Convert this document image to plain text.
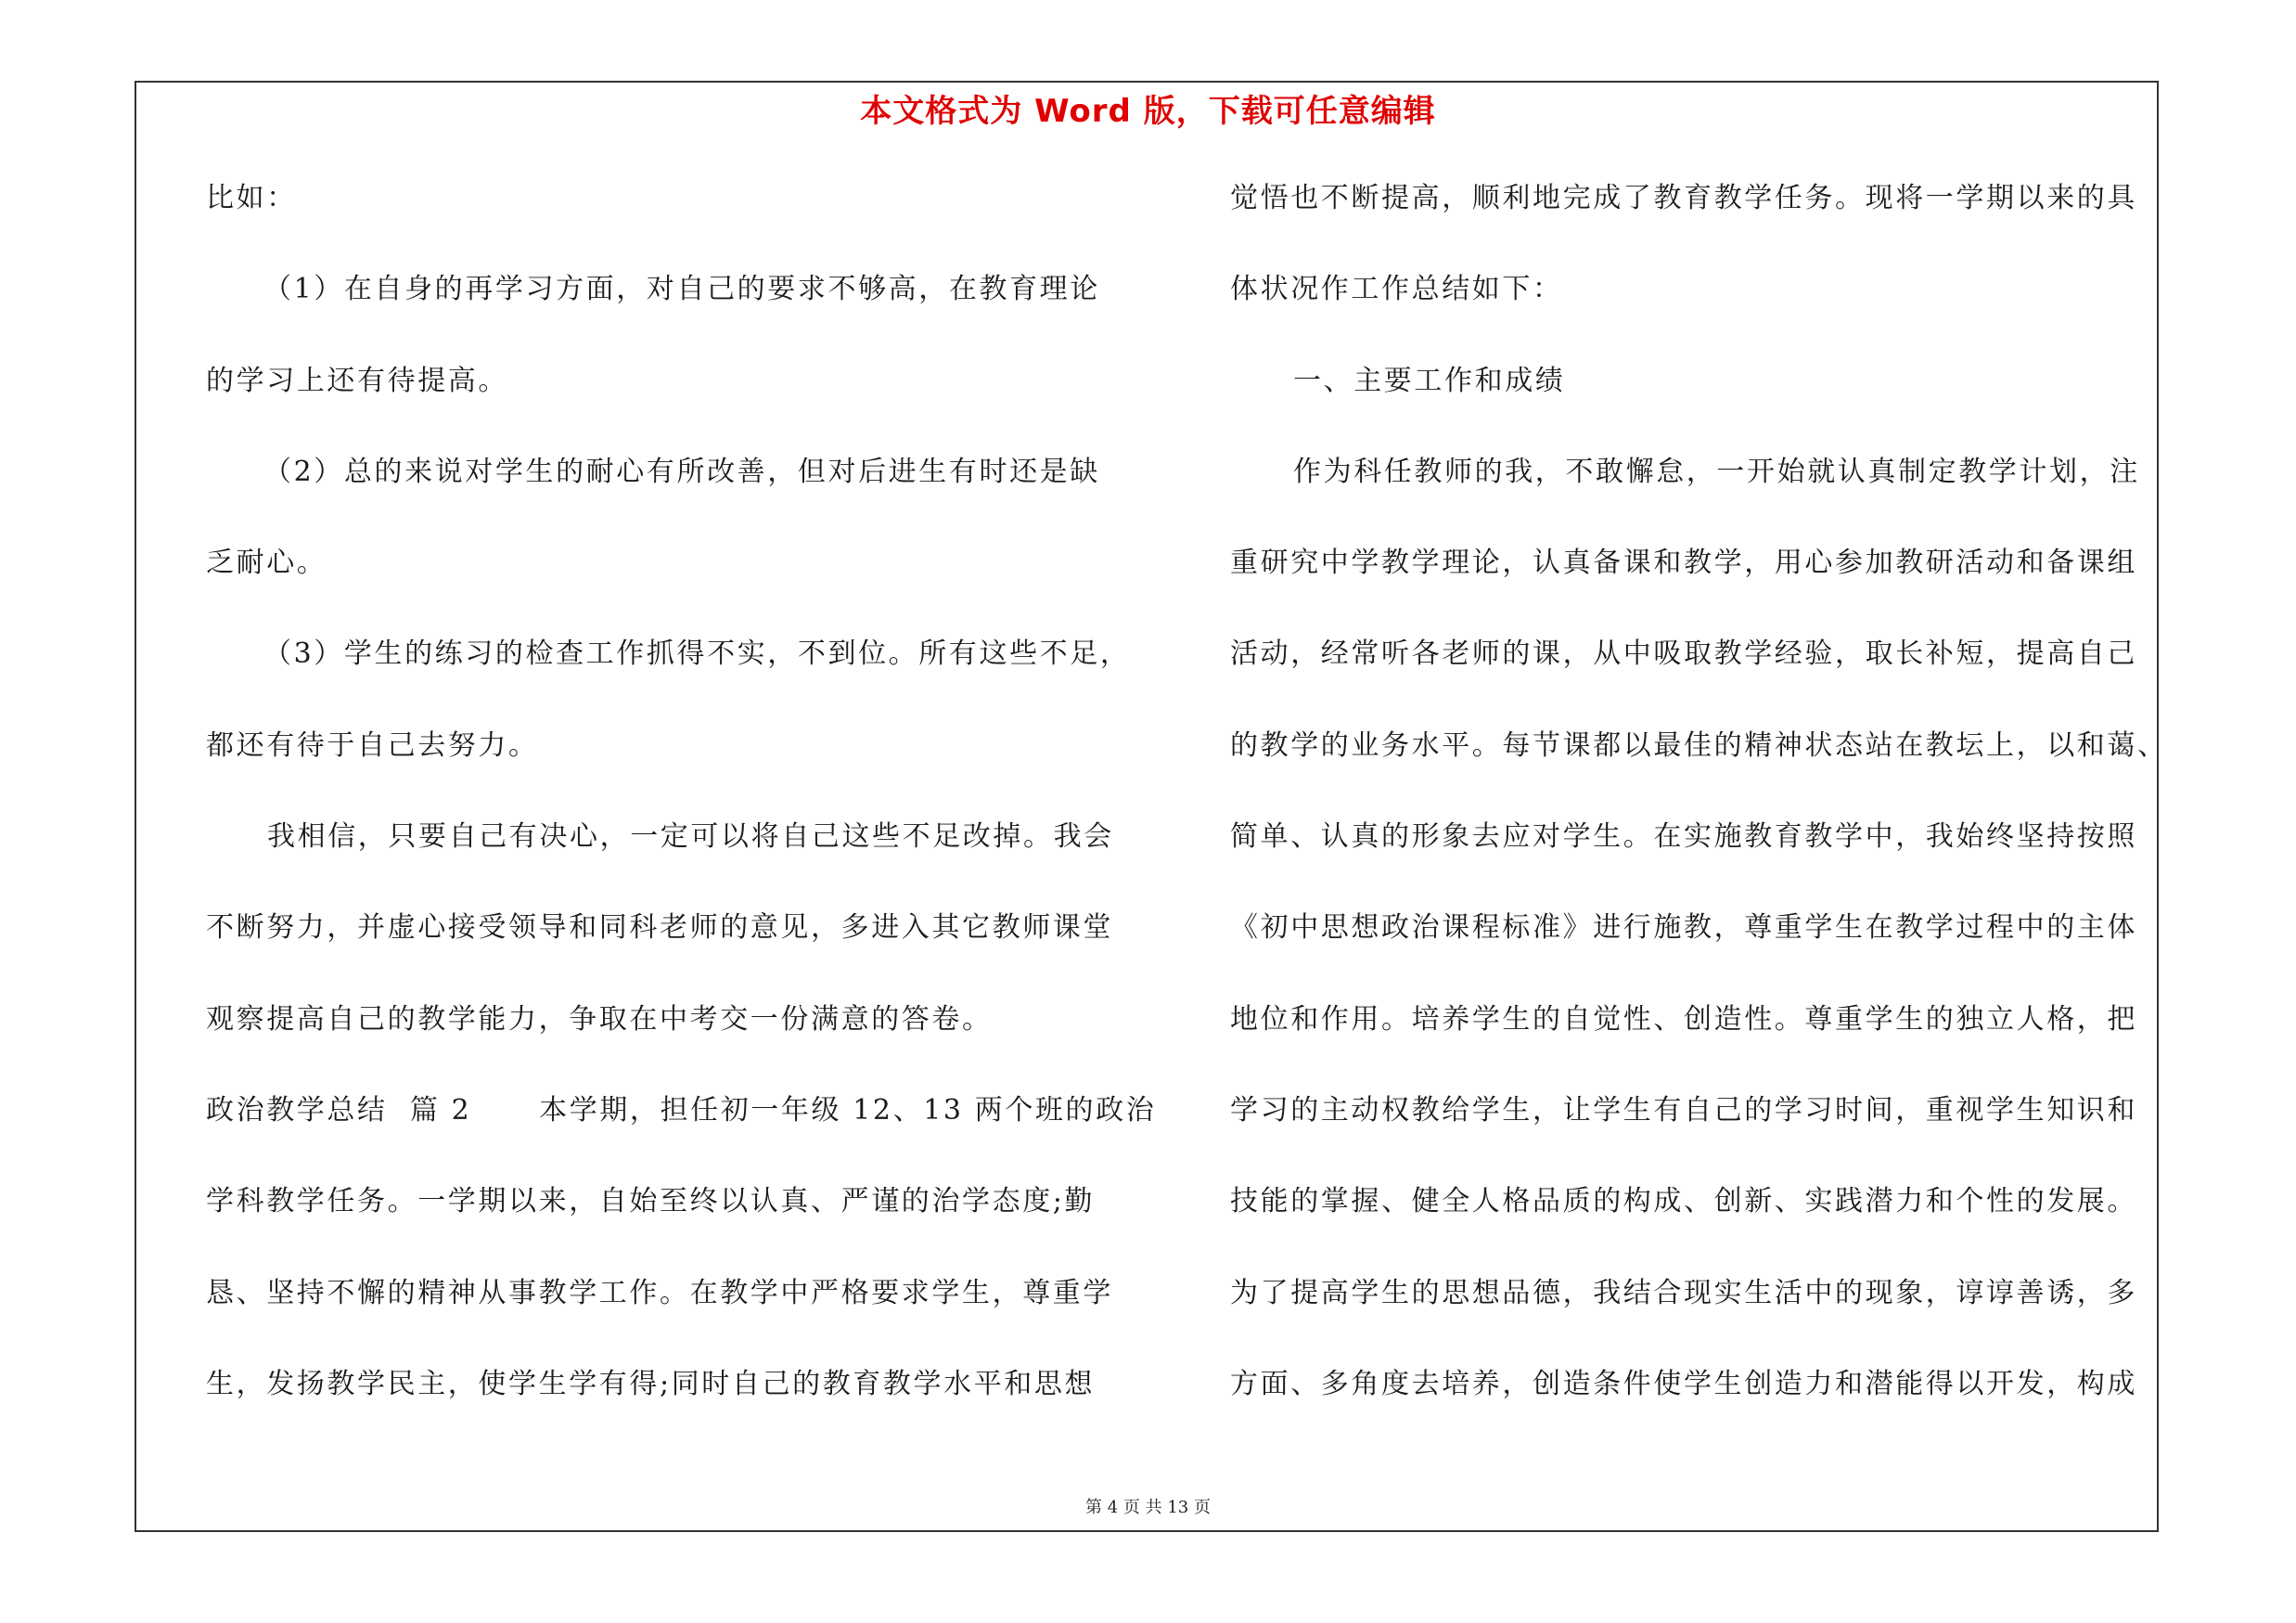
本文格式为 Word 版，下载可任意编辑
比如：
（1）在自身的再学习方面，对自己的要求不够高，在教育理论
的学习上还有待提高。
（2）总的来说对学生的耐心有所改善，但对后进生有时还是缺
乏耐心。
（3）学生的练习的检查工作抓得不实，不到位。所有这些不足，
都还有待于自己去努力。
我相信，只要自己有决心，一定可以将自己这些不足改掉。我会
不断努力，并虚心接受领导和同科老师的意见，多进入其它教师课堂
观察提高自己的教学能力，争取在中考交一份满意的答卷。
政治教学总结  篇 2      本学期，担任初一年级 12、13 两个班的政治
学科教学任务。一学期以来，自始至终以认真、严谨的治学态度;勤
恳、坚持不懈的精神从事教学工作。在教学中严格要求学生，尊重学
生，发扬教学民主，使学生学有得;同时自己的教育教学水平和思想
觉悟也不断提高，顺利地完成了教育教学任务。现将一学期以来的具
体状况作工作总结如下：
一、主要工作和成绩
作为科任教师的我，不敢懈怠，一开始就认真制定教学计划，注
重研究中学教学理论，认真备课和教学，用心参加教研活动和备课组
活动，经常听各老师的课，从中吸取教学经验，取长补短，提高自己
的教学的业务水平。每节课都以最佳的精神状态站在教坛上，以和蔼、
简单、认真的形象去应对学生。在实施教育教学中，我始终坚持按照
《初中思想政治课程标准》进行施教，尊重学生在教学过程中的主体
地位和作用。培养学生的自觉性、创造性。尊重学生的独立人格，把
学习的主动权教给学生，让学生有自己的学习时间，重视学生知识和
技能的掌握、健全人格品质的构成、创新、实践潜力和个性的发展。
为了提高学生的思想品德，我结合现实生活中的现象，谆谆善诱，多
方面、多角度去培养，创造条件使学生创造力和潜能得以开发，构成
第 4 页 共 13 页
